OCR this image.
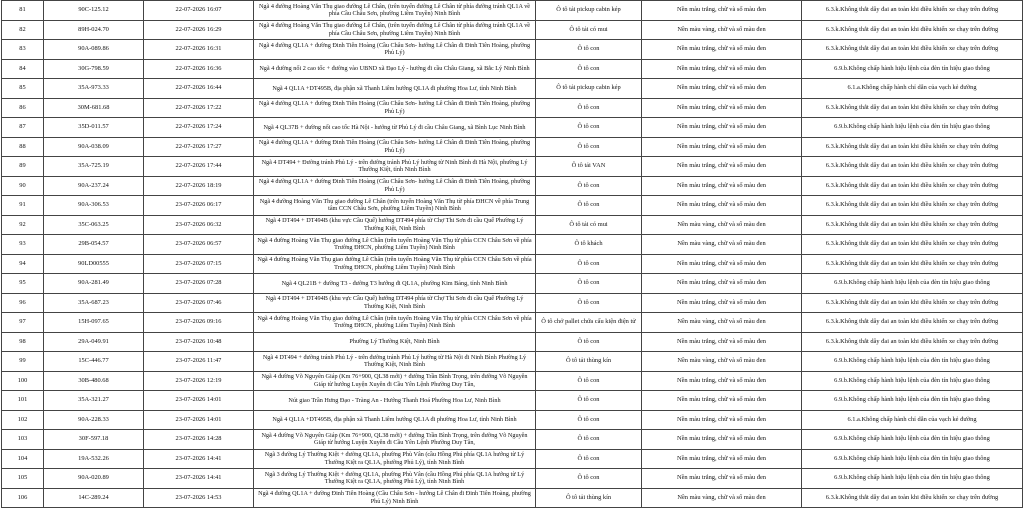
81	90C-125.12	22-07-2026 16:07	Ngã 4 đường Hoàng Văn Thụ giao đường Lê Chân, (trên tuyến đường Lê Chân từ phía đường tránh QL1A về phía Cầu Châu Sơn, phường Liêm Tuyền) Ninh Bình	Ô tô tải pickup cabin kép	Nền màu trắng, chữ và số màu đen	6.3.k.Không thắt dây đai an toàn khi điều khiển xe chạy trên đường
82	89H-024.70	22-07-2026 16:29	Ngã 4 đường Hoàng Văn Thụ giao đường Lê Chân, (trên tuyến đường Lê Chân từ phía đường tránh QL1A về phía Cầu Châu Sơn, phường Liêm Tuyền) Ninh Bình	Ô tô tải có mui	Nền màu vàng, chữ và số màu đen	6.3.k.Không thắt dây đai an toàn khi điều khiển xe chạy trên đường
83	90A-089.86	22-07-2026 16:31	Ngã 4 đường QL1A + đường Đinh Tiên Hoàng (Cầu Châu Sơn- hướng Lê Chân đi Đinh Tiên Hoàng, phường Phủ Lý)	Ô tô con	Nền màu trắng, chữ và số màu đen	6.3.k.Không thắt dây đai an toàn khi điều khiển xe chạy trên đường
84	30G-798.59	22-07-2026 16:36	Ngã 4 đường nối 2 cao tốc + đường vào UBND xã Đạo Lý - hướng đi cầu Châu Giang, xã Bắc Lý Ninh Bình	Ô tô con	Nền màu trắng, chữ và số màu đen	6.9.b.Không chấp hành hiệu lệnh của đèn tín hiệu giao thông
85	35A-973.33	22-07-2026 16:44	Ngã 4 QL1A +DT495B, địa phận xã Thanh Liêm hướng QL1A đi phường Hoa Lư, tỉnh Ninh Bình	Ô tô tải pickup cabin kép	Nền màu trắng, chữ và số màu đen	6.1.a.Không chấp hành chỉ dẫn của vạch kẻ đường
86	30M-681.68	22-07-2026 17:22	Ngã 4 đường QL1A + đường Đinh Tiên Hoàng (Cầu Châu Sơn- hướng Lê Chân đi Đinh Tiên Hoàng, phường Phủ Lý)	Ô tô con	Nền màu trắng, chữ và số màu đen	6.3.k.Không thắt dây đai an toàn khi điều khiển xe chạy trên đường
87	35D-011.57	22-07-2026 17:24	Ngã 4 QL37B + đường nối cao tốc Hà Nội - hướng từ Phủ Lý đi cầu Châu Giang, xã Bình Lục Ninh Bình	Ô tô con	Nền màu trắng, chữ và số màu đen	6.9.b.Không chấp hành hiệu lệnh của đèn tín hiệu giao thông
88	90A-038.09	22-07-2026 17:27	Ngã 4 đường QL1A + đường Đinh Tiên Hoàng (Cầu Châu Sơn- hướng Lê Chân đi Đinh Tiên Hoàng, phường Phủ Lý)	Ô tô con	Nền màu trắng, chữ và số màu đen	6.3.k.Không thắt dây đai an toàn khi điều khiển xe chạy trên đường
89	35A-725.19	22-07-2026 17:44	Ngã 4 DT494 + Đường tránh Phủ Lý - trên đường tránh Phủ Lý hướng từ Ninh Bình đi Hà Nội, phường Lý Thường Kiệt, tỉnh Ninh Bình	Ô tô tải VAN	Nền màu trắng, chữ và số màu đen	6.3.k.Không thắt dây đai an toàn khi điều khiển xe chạy trên đường
90	90A-237.24	22-07-2026 18:19	Ngã 4 đường QL1A + đường Đinh Tiên Hoàng (Cầu Châu Sơn- hướng Lê Chân đi Đinh Tiên Hoàng, phường Phủ Lý)	Ô tô con	Nền màu trắng, chữ và số màu đen	6.3.k.Không thắt dây đai an toàn khi điều khiển xe chạy trên đường
91	90A-306.53	23-07-2026 06:17	Ngã 4 đường Hoàng Văn Thụ giao đường Lê Chân (trên tuyến Hoàng Văn Thụ từ phía ĐHCN về phía Trung tâm CCN Châu Sơn, phường Liêm Tuyền) Ninh Bình	Ô tô con	Nền màu trắng, chữ và số màu đen	6.3.k.Không thắt dây đai an toàn khi điều khiển xe chạy trên đường
92	35C-063.25	23-07-2026 06:32	Ngã 4 DT494 + DT494B (khu vực Cầu Quế) hướng DT494 phía từ Chợ Thi Sơn đi cầu Quế Phường Lý Thường Kiệt, Ninh Bình	Ô tô tải có mui	Nền màu vàng, chữ và số màu đen	6.3.k.Không thắt dây đai an toàn khi điều khiển xe chạy trên đường
93	29B-054.57	23-07-2026 06:57	Ngã 4 đường Hoàng Văn Thụ giao đường Lê Chân (trên tuyến Hoàng Văn Thụ từ phía CCN Châu Sơn về phía Trường ĐHCN, phường Liêm Tuyền) Ninh Bình	Ô tô khách	Nền màu vàng, chữ và số màu đen	6.3.k.Không thắt dây đai an toàn khi điều khiển xe chạy trên đường
94	90LD00555	23-07-2026 07:15	Ngã 4 đường Hoàng Văn Thụ giao đường Lê Chân (trên tuyến Hoàng Văn Thụ từ phía CCN Châu Sơn về phía Trường ĐHCN, phường Liêm Tuyền) Ninh Bình	Ô tô con	Nền màu trắng, chữ và số màu đen	6.3.k.Không thắt dây đai an toàn khi điều khiển xe chạy trên đường
95	90A-281.49	23-07-2026 07:28	Ngã 4 QL21B + đường T3 - đường T3 hướng đi QL1A, phường Kim Bảng, tỉnh Ninh Bình	Ô tô con	Nền màu trắng, chữ và số màu đen	6.9.b.Không chấp hành hiệu lệnh của đèn tín hiệu giao thông
96	35A-687.23	23-07-2026 07:46	Ngã 4 DT494 + DT494B (khu vực Cầu Quế) hướng DT494 phía từ Chợ Thi Sơn đi cầu Quế Phường Lý Thường Kiệt, Ninh Bình	Ô tô con	Nền màu trắng, chữ và số màu đen	6.3.k.Không thắt dây đai an toàn khi điều khiển xe chạy trên đường
97	15H-097.65	23-07-2026 09:16	Ngã 4 đường Hoàng Văn Thụ giao đường Lê Chân (trên tuyến Hoàng Văn Thụ từ phía CCN Châu Sơn về phía Trường ĐHCN, phường Liêm Tuyền) Ninh Bình	Ô tô chở pallet chứa cấu kiện điện tử	Nền màu vàng, chữ và số màu đen	6.3.k.Không thắt dây đai an toàn khi điều khiển xe chạy trên đường
98	29A-049.91	23-07-2026 10:48	Phường Lý Thường Kiệt, Ninh Bình	Ô tô con	Nền màu trắng, chữ và số màu đen	6.3.k.Không thắt dây đai an toàn khi điều khiển xe chạy trên đường
99	15C-446.77	23-07-2026 11:47	Ngã 4 DT494 + đường tránh Phủ Lý - trên đường tránh Phủ Lý hướng từ Hà Nội đi Ninh Bình Phường Lý Thường Kiệt, Ninh Bình	Ô tô tải thùng kín	Nền màu vàng, chữ và số màu đen	6.9.b.Không chấp hành hiệu lệnh của đèn tín hiệu giao thông
100	30B-480.68	23-07-2026 12:19	Ngã 4 đường Võ Nguyên Giáp (Km 76+900, QL38 mới) + đường Trần Bình Trọng, trên đường Võ Nguyên Giáp từ hướng Luyện Xuyên đi Cầu Yên Lệnh Phường Duy Tân,	Ô tô con	Nền màu trắng, chữ và số màu đen	6.9.b.Không chấp hành hiệu lệnh của đèn tín hiệu giao thông
101	35A-321.27	23-07-2026 14:01	Nút giao Trần Hưng Đạo - Tràng An - Hướng Thanh Hoá Phường Hoa Lư, Ninh Bình	Ô tô con	Nền màu trắng, chữ và số màu đen	6.9.b.Không chấp hành hiệu lệnh của đèn tín hiệu giao thông
102	90A-228.33	23-07-2026 14:01	Ngã 4 QL1A +DT495B, địa phận xã Thanh Liêm hướng QL1A đi phường Hoa Lư, tỉnh Ninh Bình	Ô tô con	Nền màu trắng, chữ và số màu đen	6.1.a.Không chấp hành chỉ dẫn của vạch kẻ đường
103	30F-597.18	23-07-2026 14:28	Ngã 4 đường Võ Nguyên Giáp (Km 76+900, QL38 mới) + đường Trần Bình Trọng, trên đường Võ Nguyên Giáp từ hướng Luyện Xuyên đi Cầu Yên Lệnh Phường Duy Tân,	Ô tô con	Nền màu trắng, chữ và số màu đen	6.9.b.Không chấp hành hiệu lệnh của đèn tín hiệu giao thông
104	19A-532.26	23-07-2026 14:41	Ngã 3 đường Lý Thường Kiệt + đường QL1A, phường Phù Vân (cầu Hồng Phú phía QL1A hướng từ Lý Thường Kiệt ra QL1A, phường Phủ Lý), tỉnh Ninh Bình	Ô tô con	Nền màu trắng, chữ và số màu đen	6.9.b.Không chấp hành hiệu lệnh của đèn tín hiệu giao thông
105	90A-020.89	23-07-2026 14:41	Ngã 3 đường Lý Thường Kiệt + đường QL1A, phường Phù Vân (cầu Hồng Phú phía QL1A hướng từ Lý Thường Kiệt ra QL1A, phường Phủ Lý), tỉnh Ninh Bình	Ô tô con	Nền màu trắng, chữ và số màu đen	6.9.b.Không chấp hành hiệu lệnh của đèn tín hiệu giao thông
106	14C-289.24	23-07-2026 14:53	Ngã 4 đường QL1A + đường Đinh Tiên Hoàng (Cầu Châu Sơn - hướng Lê Chân đi Đinh Tiên Hoàng, phường Phủ Lý) Ninh Bình	Ô tô tải thùng kín	Nền màu vàng, chữ và số màu đen	6.3.k.Không thắt dây đai an toàn khi điều khiển xe chạy trên đường
